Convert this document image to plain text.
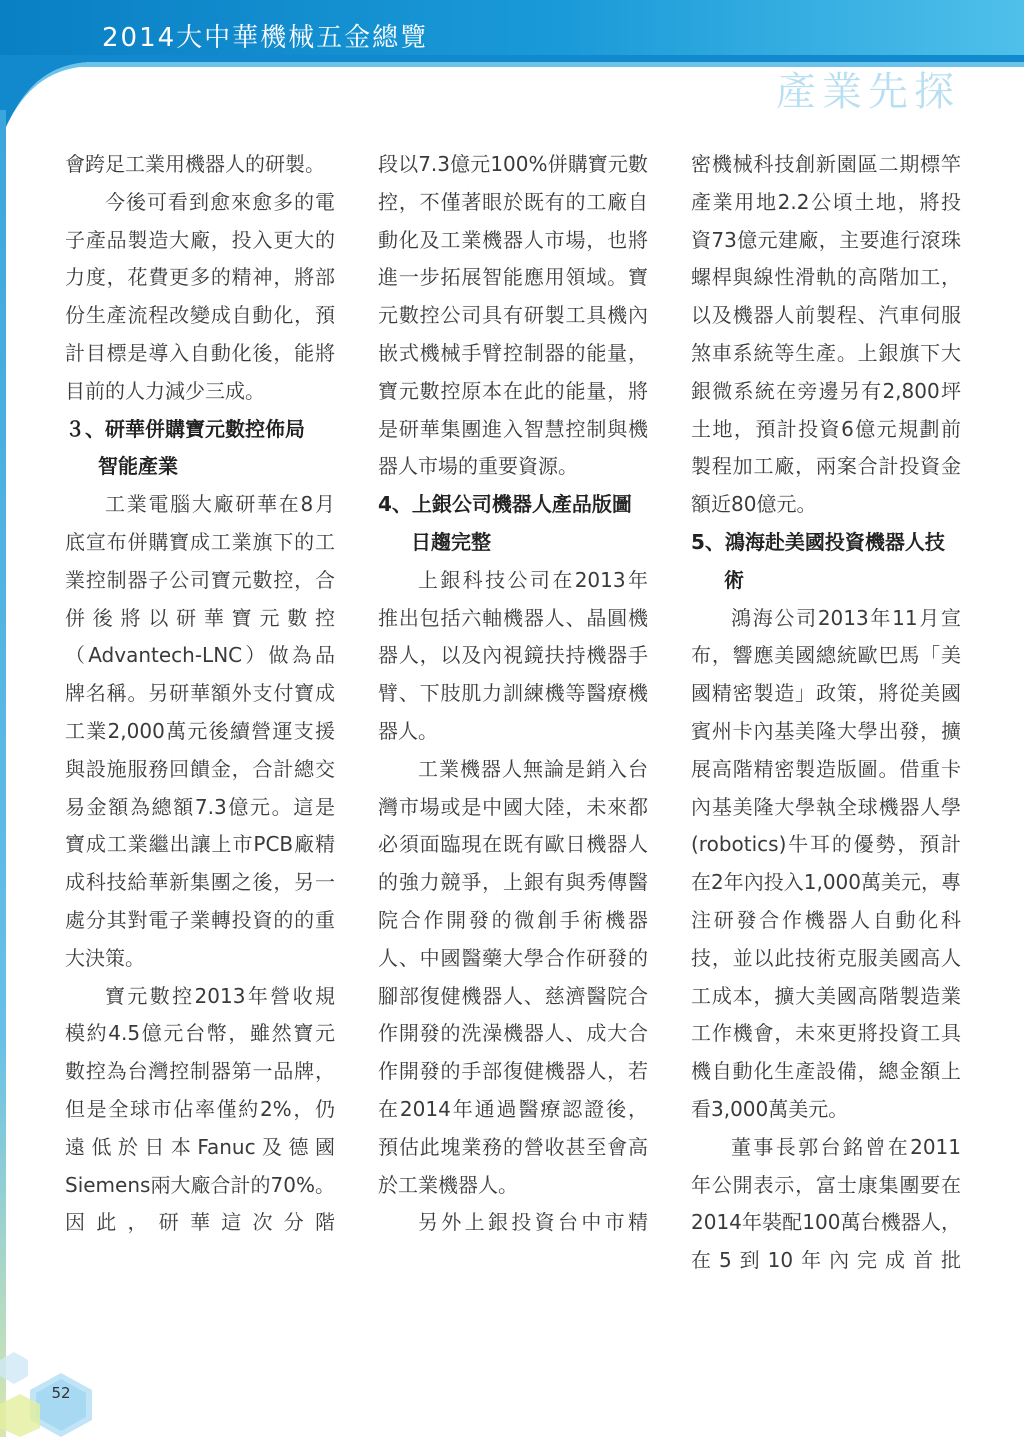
2014大中華機械五金總覽
產業先探

會跨足工業用機器人的研製。

今後可看到愈來愈多的電子產品製造大廠，投入更大的力度，花費更多的精神，將部份生產流程改變成自動化，預計目標是導入自動化後，能將目前的人力減少三成。

３、研華併購寶元數控佈局
智能產業

工業電腦大廠研華在8月底宣布併購寶成工業旗下的工業控制器子公司寶元數控，合併後將以研華寶元數控（Advantech-LNC）做為品牌名稱。另研華額外支付寶成工業2,000萬元後續營運支援與設施服務回饋金，合計總交易金額為總額7.3億元。這是寶成工業繼出讓上市PCB廠精成科技給華新集團之後，另一處分其對電子業轉投資的的重大決策。

寶元數控2013年營收規模約4.5億元台幣，雖然寶元數控為台灣控制器第一品牌，但是全球市佔率僅約2%，仍遠低於日本Fanuc及德國Siemens兩大廠合計的70%。因此，研華這次分階

段以7.3億元100%併購寶元數控，不僅著眼於既有的工廠自動化及工業機器人市場，也將進一步拓展智能應用領域。寶元數控公司具有研製工具機內嵌式機械手臂控制器的能量，寶元數控原本在此的能量，將是研華集團進入智慧控制與機器人市場的重要資源。

4、上銀公司機器人產品版圖
日趨完整

上銀科技公司在2013年推出包括六軸機器人、晶圓機器人，以及內視鏡扶持機器手臂、下肢肌力訓練機等醫療機器人。

工業機器人無論是銷入台灣市場或是中國大陸，未來都必須面臨現在既有歐日機器人的強力競爭，上銀有與秀傳醫院合作開發的微創手術機器人、中國醫藥大學合作研發的腳部復健機器人、慈濟醫院合作開發的洗澡機器人、成大合作開發的手部復健機器人，若在2014年通過醫療認證後，預估此塊業務的營收甚至會高於工業機器人。

另外上銀投資台中市精

密機械科技創新園區二期標竿產業用地2.2公頃土地，將投資73億元建廠，主要進行滾珠螺桿與線性滑軌的高階加工，以及機器人前製程、汽車伺服煞車系統等生產。上銀旗下大銀微系統在旁邊另有2,800坪土地，預計投資6億元規劃前製程加工廠，兩案合計投資金額近80億元。

5、鴻海赴美國投資機器人技
術

鴻海公司2013年11月宣布，響應美國總統歐巴馬「美國精密製造」政策，將從美國賓州卡內基美隆大學出發，擴展高階精密製造版圖。借重卡內基美隆大學執全球機器人學(robotics)牛耳的優勢，預計在2年內投入1,000萬美元，專注研發合作機器人自動化科技，並以此技術克服美國高人工成本，擴大美國高階製造業工作機會，未來更將投資工具機自動化生產設備，總金額上看3,000萬美元。

董事長郭台銘曾在2011年公開表示，富士康集團要在2014年裝配100萬台機器人，在5到10年內完成首批

52
